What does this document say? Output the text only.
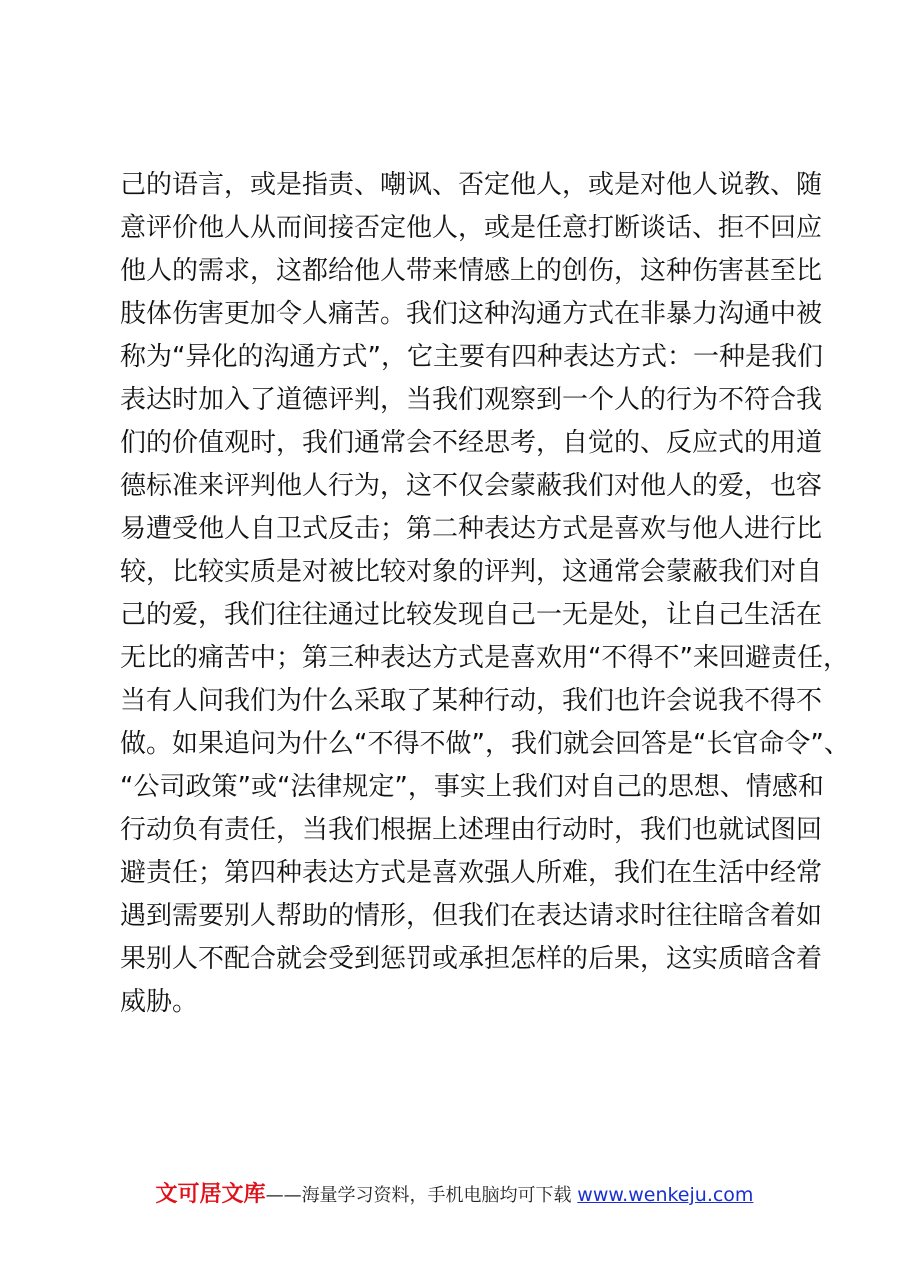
己的语言，或是指责、嘲讽、否定他人，或是对他人说教、随
意评价他人从而间接否定他人，或是任意打断谈话、拒不回应
他人的需求，这都给他人带来情感上的创伤，这种伤害甚至比
肢体伤害更加令人痛苦。我们这种沟通方式在非暴力沟通中被
称为“异化的沟通方式”，它主要有四种表达方式：一种是我们
表达时加入了道德评判，当我们观察到一个人的行为不符合我
们的价值观时，我们通常会不经思考，自觉的、反应式的用道
德标准来评判他人行为，这不仅会蒙蔽我们对他人的爱，也容
易遭受他人自卫式反击；第二种表达方式是喜欢与他人进行比
较，比较实质是对被比较对象的评判，这通常会蒙蔽我们对自
己的爱，我们往往通过比较发现自己一无是处，让自己生活在
无比的痛苦中；第三种表达方式是喜欢用“不得不”来回避责任，
当有人问我们为什么采取了某种行动，我们也许会说我不得不
做。如果追问为什么“不得不做”，我们就会回答是“长官命令”、
“公司政策”或“法律规定”，事实上我们对自己的思想、情感和
行动负有责任，当我们根据上述理由行动时，我们也就试图回
避责任；第四种表达方式是喜欢强人所难，我们在生活中经常
遇到需要别人帮助的情形，但我们在表达请求时往往暗含着如
果别人不配合就会受到惩罚或承担怎样的后果，这实质暗含着
威胁。
文可居文库——海量学习资料，手机电脑均可下载 www.wenkeju.com
